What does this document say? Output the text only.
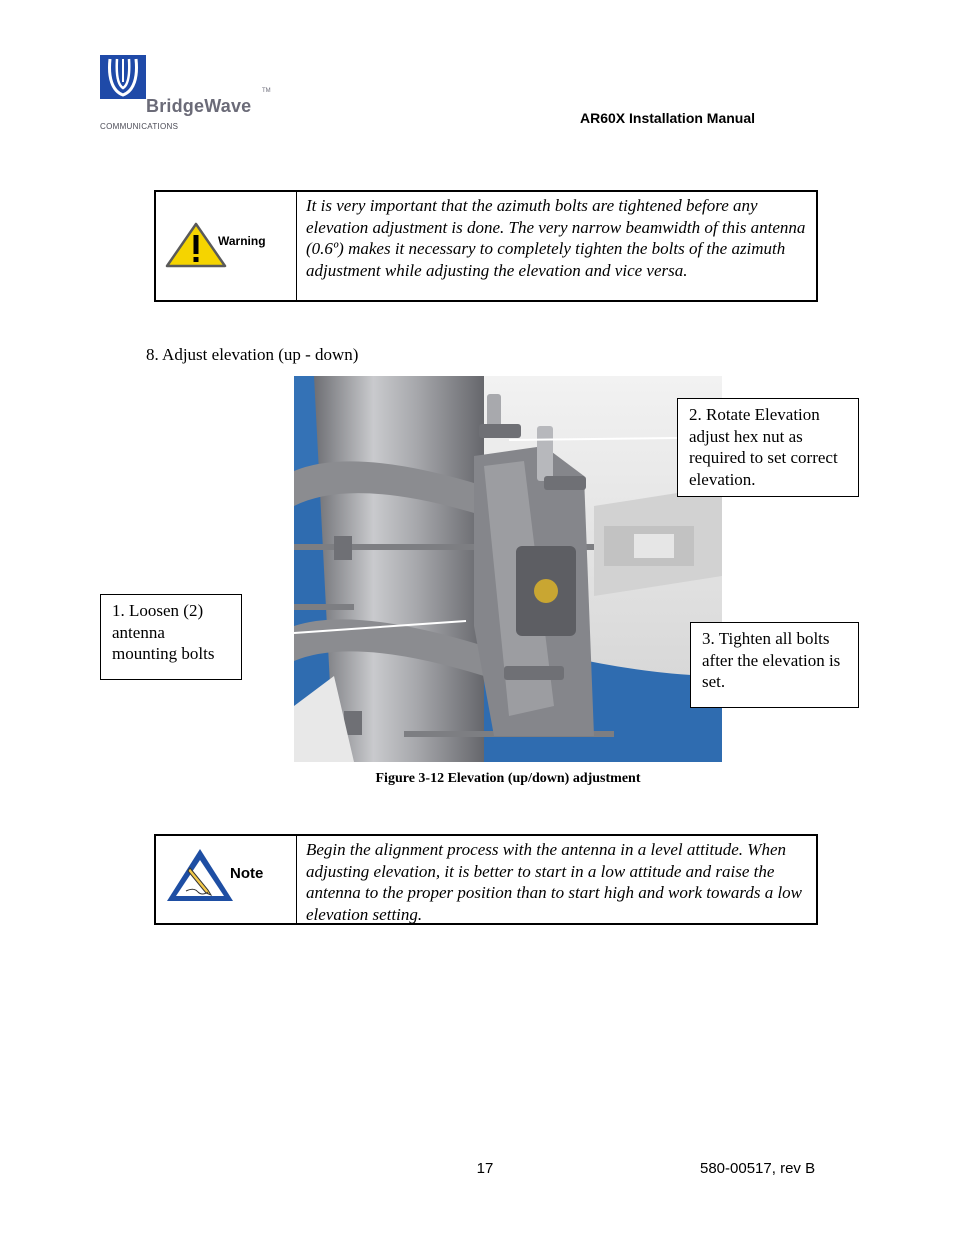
BridgeWave
TM
COMMUNICATIONS
AR60X Installation Manual
Warning
It is very important that the azimuth bolts are tightened before any elevation adjustment is done. The very narrow beamwidth of this antenna (0.6º) makes it necessary to completely tighten the bolts of the azimuth adjustment while adjusting the elevation and vice versa.
8. Adjust elevation (up - down)
1. Loosen (2) antenna mounting bolts
2. Rotate Elevation adjust hex nut as required to set correct elevation.
3. Tighten all bolts after the elevation is set.
Figure 3-12 Elevation (up/down) adjustment
Note
Begin the alignment process with the antenna in a level attitude. When adjusting elevation, it is better to start in a low attitude and raise the antenna to the proper position than to start high and work towards a low elevation setting.
17	580-00517, rev B
